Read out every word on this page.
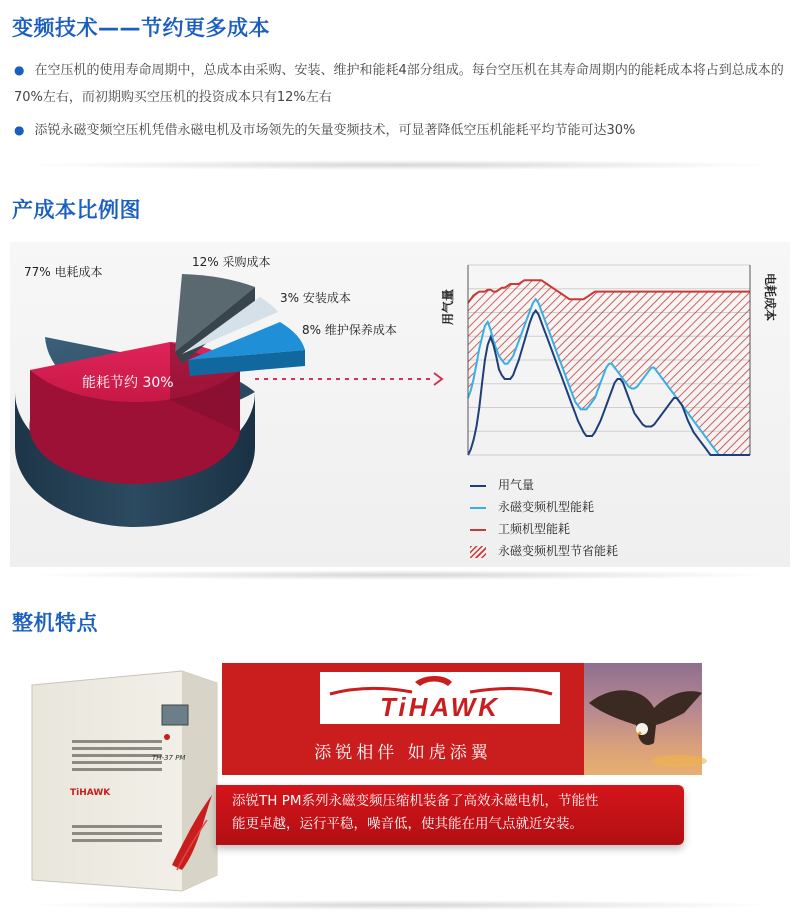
变频技术——节约更多成本
● 在空压机的使用寿命周期中，总成本由采购、安装、维护和能耗4部分组成。每台空压机在其寿命周期内的能耗成本将占到总成本的70%左右，而初期购买空压机的投资成本只有12%左右
● 添锐永磁变频空压机凭借永磁电机及市场领先的矢量变频技术，可显著降低空压机能耗平均节能可达30%
产成本比例图
77% 电耗成本
12% 采购成本
3% 安装成本
8% 维护保养成本
能耗节约 30%
用气量	电耗成本
用气量
永磁变频机型能耗
工频机型能耗
永磁变频机型节省能耗
整机特点
TH-37 PM
TiHAWK
TiHAWK
添锐相伴 如虎添翼
添锐TH PM系列永磁变频压缩机装备了高效永磁电机，节能性
能更卓越，运行平稳，噪音低，使其能在用气点就近安装。
